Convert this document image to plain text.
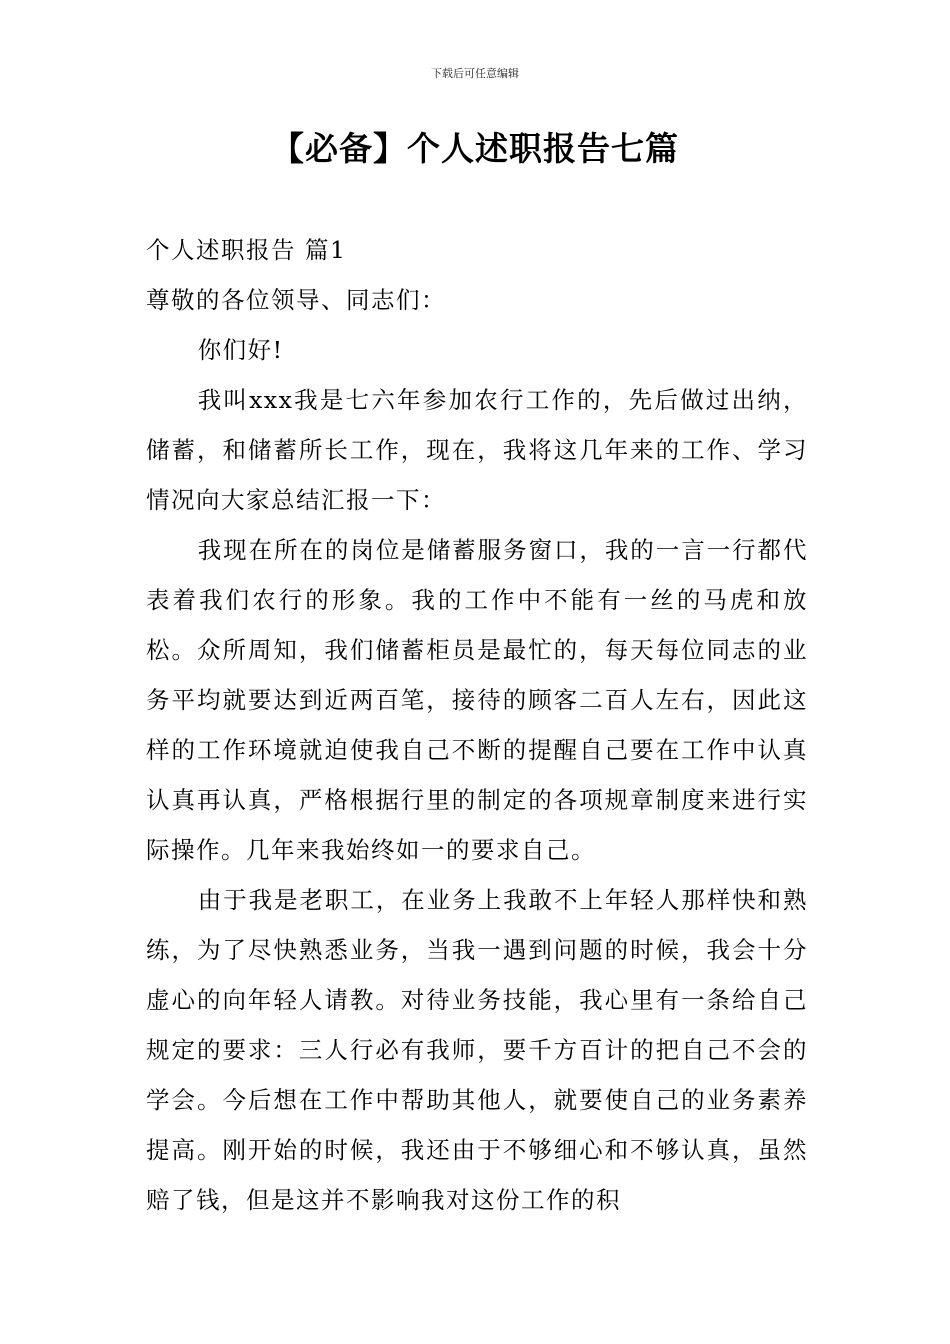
下载后可任意编辑
【必备】个人述职报告七篇

个人述职报告 篇1

尊敬的各位领导、同志们：

你们好!

我叫xxx我是七六年参加农行工作的，先后做过出纳，储蓄，和储蓄所长工作，现在，我将这几年来的工作、学习情况向大家总结汇报一下：

我现在所在的岗位是储蓄服务窗口，我的一言一行都代表着我们农行的形象。我的工作中不能有一丝的马虎和放松。众所周知，我们储蓄柜员是最忙的，每天每位同志的业务平均就要达到近两百笔，接待的顾客二百人左右，因此这样的工作环境就迫使我自己不断的提醒自己要在工作中认真认真再认真，严格根据行里的制定的各项规章制度来进行实际操作。几年来我始终如一的要求自己。

由于我是老职工，在业务上我敢不上年轻人那样快和熟练，为了尽快熟悉业务，当我一遇到问题的时候，我会十分虚心的向年轻人请教。对待业务技能，我心里有一条给自己规定的要求：三人行必有我师，要千方百计的把自己不会的学会。今后想在工作中帮助其他人，就要使自己的业务素养提高。刚开始的时候，我还由于不够细心和不够认真，虽然赔了钱，但是这并不影响我对这份工作的积
